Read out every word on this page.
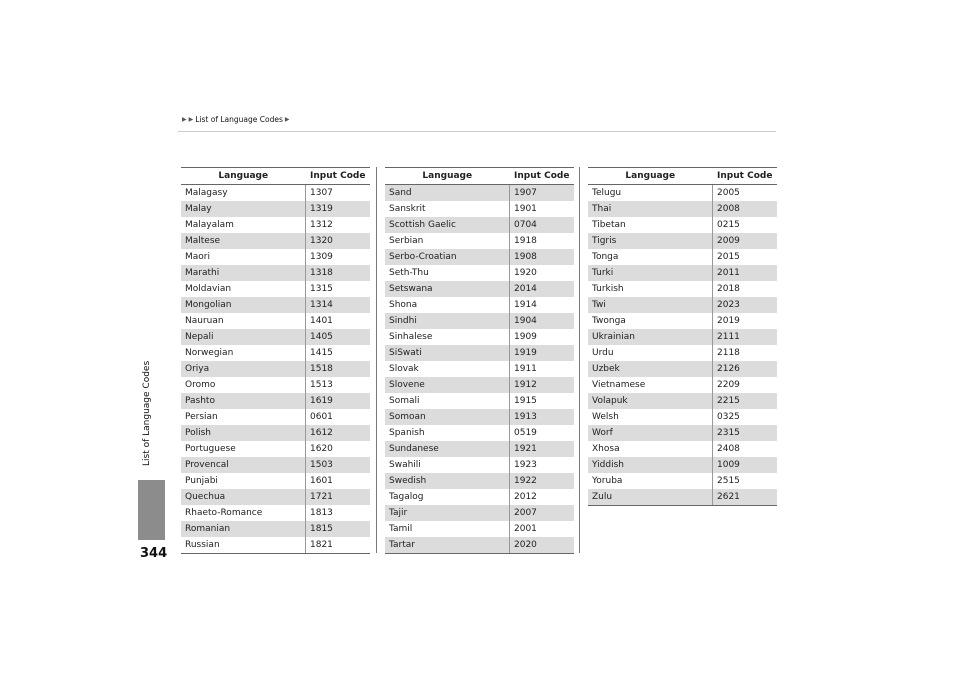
List of Language Codes
344
▶ ▶ List of Language Codes ▶
Language	Input Code
Malagasy	1307
Malay	1319
Malayalam	1312
Maltese	1320
Maori	1309
Marathi	1318
Moldavian	1315
Mongolian	1314
Nauruan	1401
Nepali	1405
Norwegian	1415
Oriya	1518
Oromo	1513
Pashto	1619
Persian	0601
Polish	1612
Portuguese	1620
Provencal	1503
Punjabi	1601
Quechua	1721
Rhaeto-Romance	1813
Romanian	1815
Russian	1821
Language	Input Code
Sand	1907
Sanskrit	1901
Scottish Gaelic	0704
Serbian	1918
Serbo-Croatian	1908
Seth-Thu	1920
Setswana	2014
Shona	1914
Sindhi	1904
Sinhalese	1909
SiSwati	1919
Slovak	1911
Slovene	1912
Somali	1915
Somoan	1913
Spanish	0519
Sundanese	1921
Swahili	1923
Swedish	1922
Tagalog	2012
Tajir	2007
Tamil	2001
Tartar	2020
Language	Input Code
Telugu	2005
Thai	2008
Tibetan	0215
Tigris	2009
Tonga	2015
Turki	2011
Turkish	2018
Twi	2023
Twonga	2019
Ukrainian	2111
Urdu	2118
Uzbek	2126
Vietnamese	2209
Volapuk	2215
Welsh	0325
Worf	2315
Xhosa	2408
Yiddish	1009
Yoruba	2515
Zulu	2621
